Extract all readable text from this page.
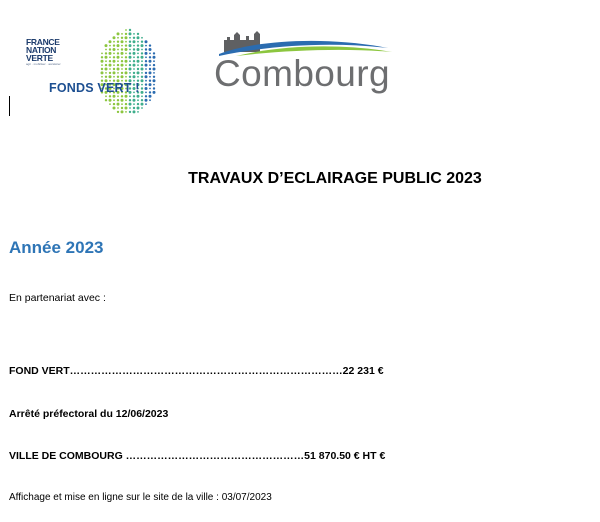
FRANCE
NATION
VERTE
agir · mobiliser · accélérer
FONDS VERT ! Combourg
TRAVAUX D’ECLAIRAGE PUBLIC 2023
Année 2023
En partenariat avec :
FOND VERT……………………………………………………………………22 231 €
Arrêté préfectoral du 12/06/2023
VILLE DE COMBOURG ……………………………………………51 870.50 € HT €
Affichage et mise en ligne sur le site de la ville : 03/07/2023
